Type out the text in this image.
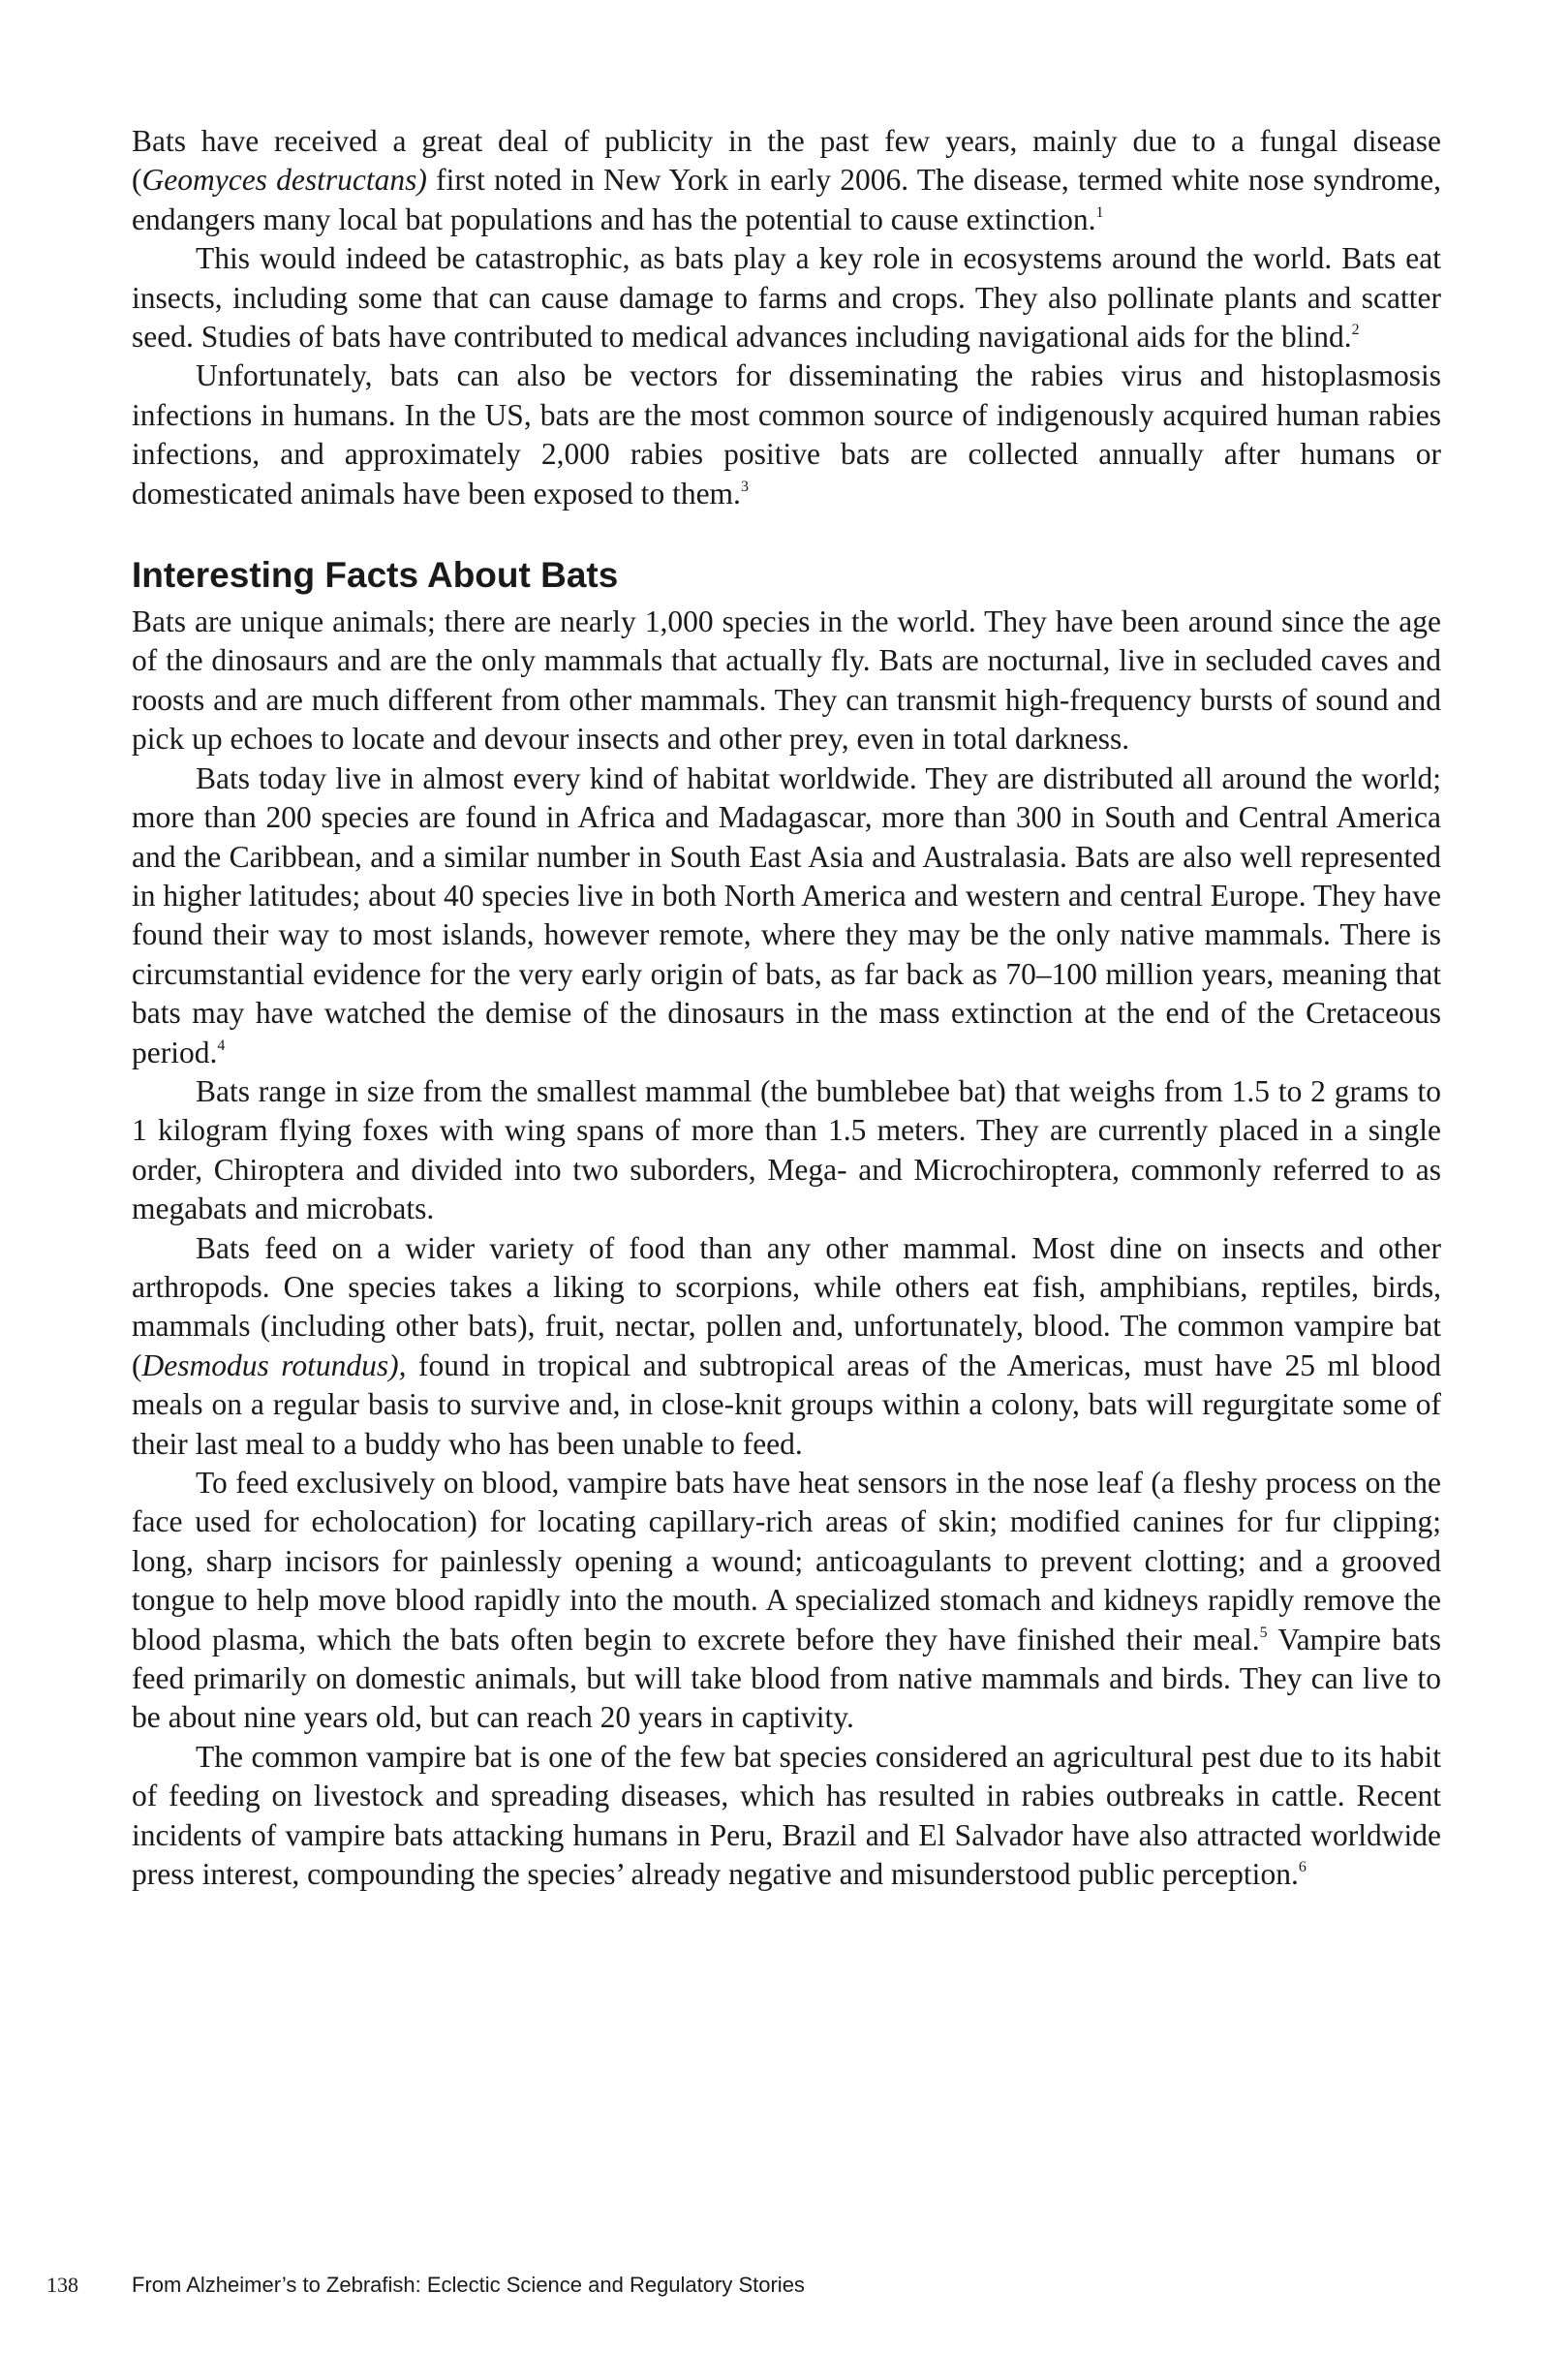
Bats have received a great deal of publicity in the past few years, mainly due to a fungal disease (Geomyces destructans) first noted in New York in early 2006. The disease, termed white nose syndrome, endangers many local bat populations and has the potential to cause extinction.$^1$

This would indeed be catastrophic, as bats play a key role in ecosystems around the world. Bats eat insects, including some that can cause damage to farms and crops. They also pollinate plants and scatter seed. Studies of bats have contributed to medical advances including navigational aids for the blind.$^2$

Unfortunately, bats can also be vectors for disseminating the rabies virus and histoplasmosis infections in humans. In the US, bats are the most common source of indigenously acquired human rabies infections, and approximately 2,000 rabies positive bats are collected annually after humans or domesticated animals have been exposed to them.$^3$

Interesting Facts About Bats

Bats are unique animals; there are nearly 1,000 species in the world. They have been around since the age of the dinosaurs and are the only mammals that actually fly. Bats are nocturnal, live in secluded caves and roosts and are much different from other mammals. They can transmit high-frequency bursts of sound and pick up echoes to locate and devour insects and other prey, even in total darkness.

Bats today live in almost every kind of habitat worldwide. They are distributed all around the world; more than 200 species are found in Africa and Madagascar, more than 300 in South and Central America and the Caribbean, and a similar number in South East Asia and Australasia. Bats are also well represented in higher latitudes; about 40 species live in both North America and western and central Europe. They have found their way to most islands, however remote, where they may be the only native mammals. There is circumstantial evidence for the very early origin of bats, as far back as 70–100 million years, meaning that bats may have watched the demise of the dinosaurs in the mass extinction at the end of the Cretaceous period.$^4$

Bats range in size from the smallest mammal (the bumblebee bat) that weighs from 1.5 to 2 grams to 1 kilogram flying foxes with wing spans of more than 1.5 meters. They are currently placed in a single order, Chiroptera and divided into two suborders, Mega- and Microchiroptera, commonly referred to as megabats and microbats.

Bats feed on a wider variety of food than any other mammal. Most dine on insects and other arthropods. One species takes a liking to scorpions, while others eat fish, amphibians, reptiles, birds, mammals (including other bats), fruit, nectar, pollen and, unfortunately, blood. The common vampire bat (Desmodus rotundus), found in tropical and subtropical areas of the Americas, must have 25 ml blood meals on a regular basis to survive and, in close-knit groups within a colony, bats will regurgitate some of their last meal to a buddy who has been unable to feed.

To feed exclusively on blood, vampire bats have heat sensors in the nose leaf (a fleshy process on the face used for echolocation) for locating capillary-rich areas of skin; modified canines for fur clipping; long, sharp incisors for painlessly opening a wound; anticoagulants to prevent clotting; and a grooved tongue to help move blood rapidly into the mouth. A specialized stomach and kidneys rapidly remove the blood plasma, which the bats often begin to excrete before they have finished their meal.$^5$ Vampire bats feed primarily on domestic animals, but will take blood from native mammals and birds. They can live to be about nine years old, but can reach 20 years in captivity.

The common vampire bat is one of the few bat species considered an agricultural pest due to its habit of feeding on livestock and spreading diseases, which has resulted in rabies outbreaks in cattle. Recent incidents of vampire bats attacking humans in Peru, Brazil and El Salvador have also attracted worldwide press interest, compounding the species’ already negative and misunderstood public perception.$^6$

138	From Alzheimer’s to Zebrafish: Eclectic Science and Regulatory Stories
